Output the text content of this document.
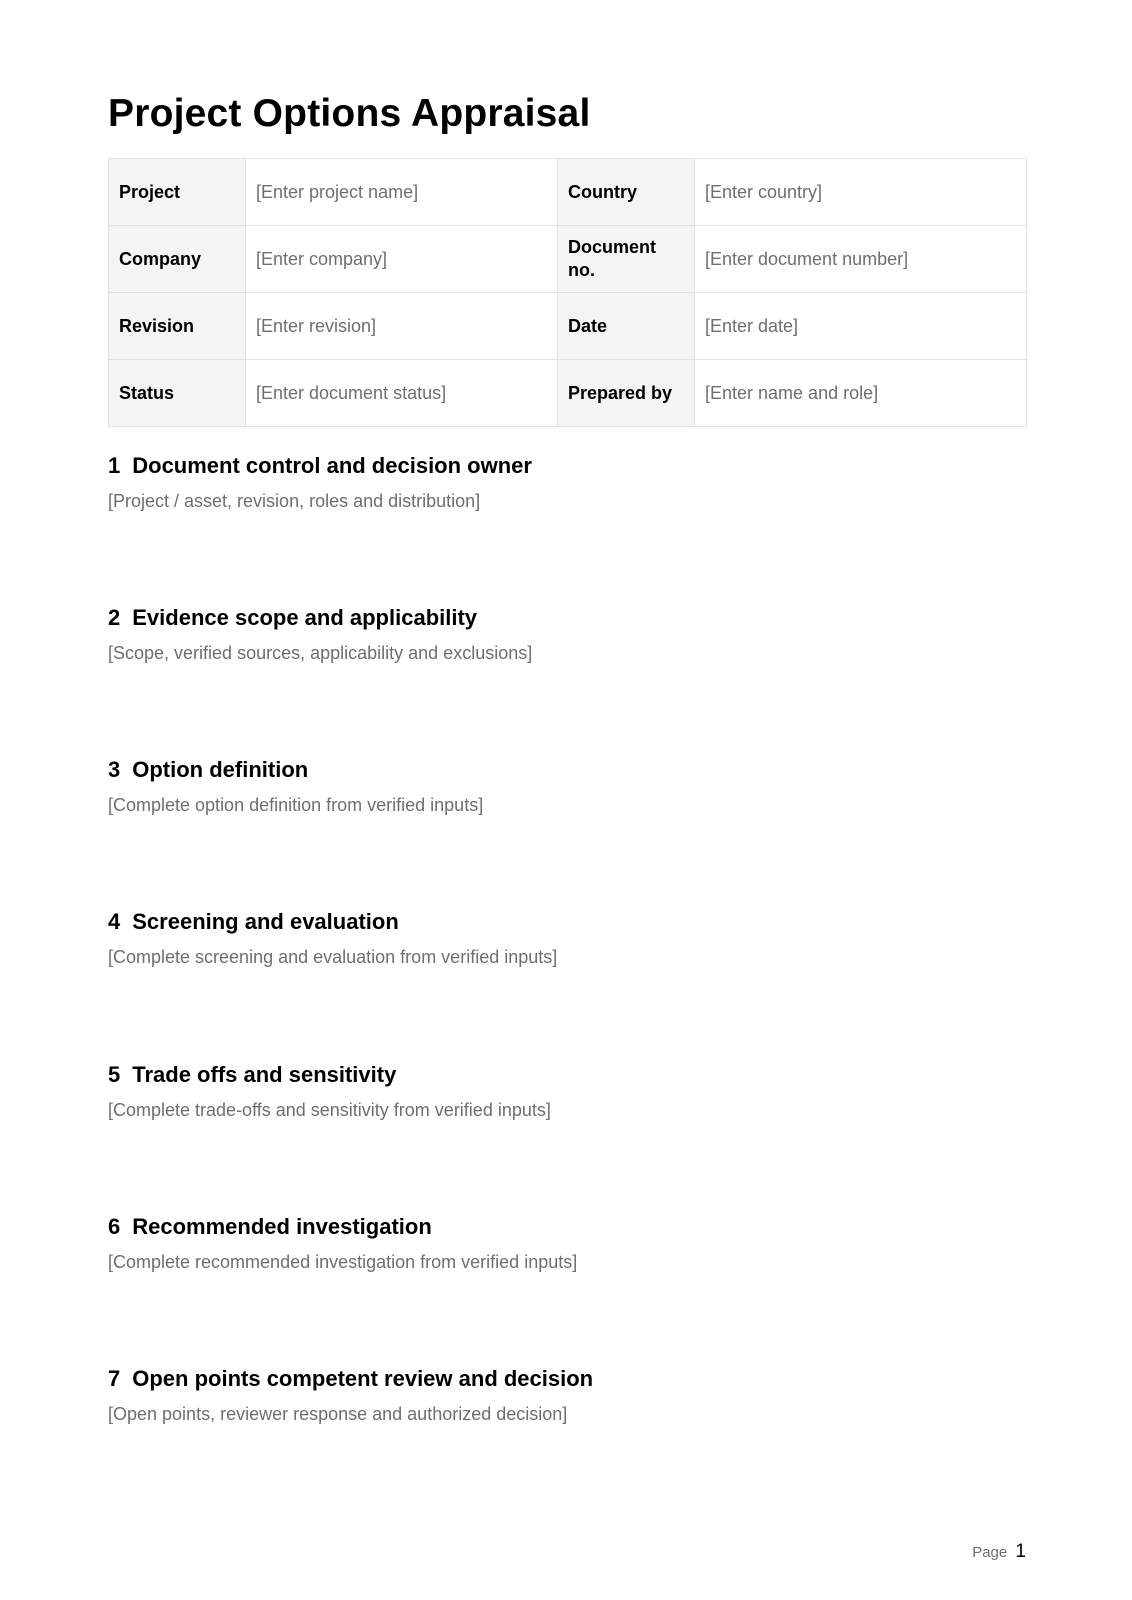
Project Options Appraisal
Project	[Enter project name]	Country	[Enter country]
Company	[Enter company]	Document no.	[Enter document number]
Revision	[Enter revision]	Date	[Enter date]
Status	[Enter document status]	Prepared by	[Enter name and role]
1 Document control and decision owner

[Project / asset, revision, roles and distribution]

2 Evidence scope and applicability

[Scope, verified sources, applicability and exclusions]

3 Option definition

[Complete option definition from verified inputs]

4 Screening and evaluation

[Complete screening and evaluation from verified inputs]

5 Trade offs and sensitivity

[Complete trade-offs and sensitivity from verified inputs]

6 Recommended investigation

[Complete recommended investigation from verified inputs]

7 Open points competent review and decision

[Open points, reviewer response and authorized decision]

Page 1
